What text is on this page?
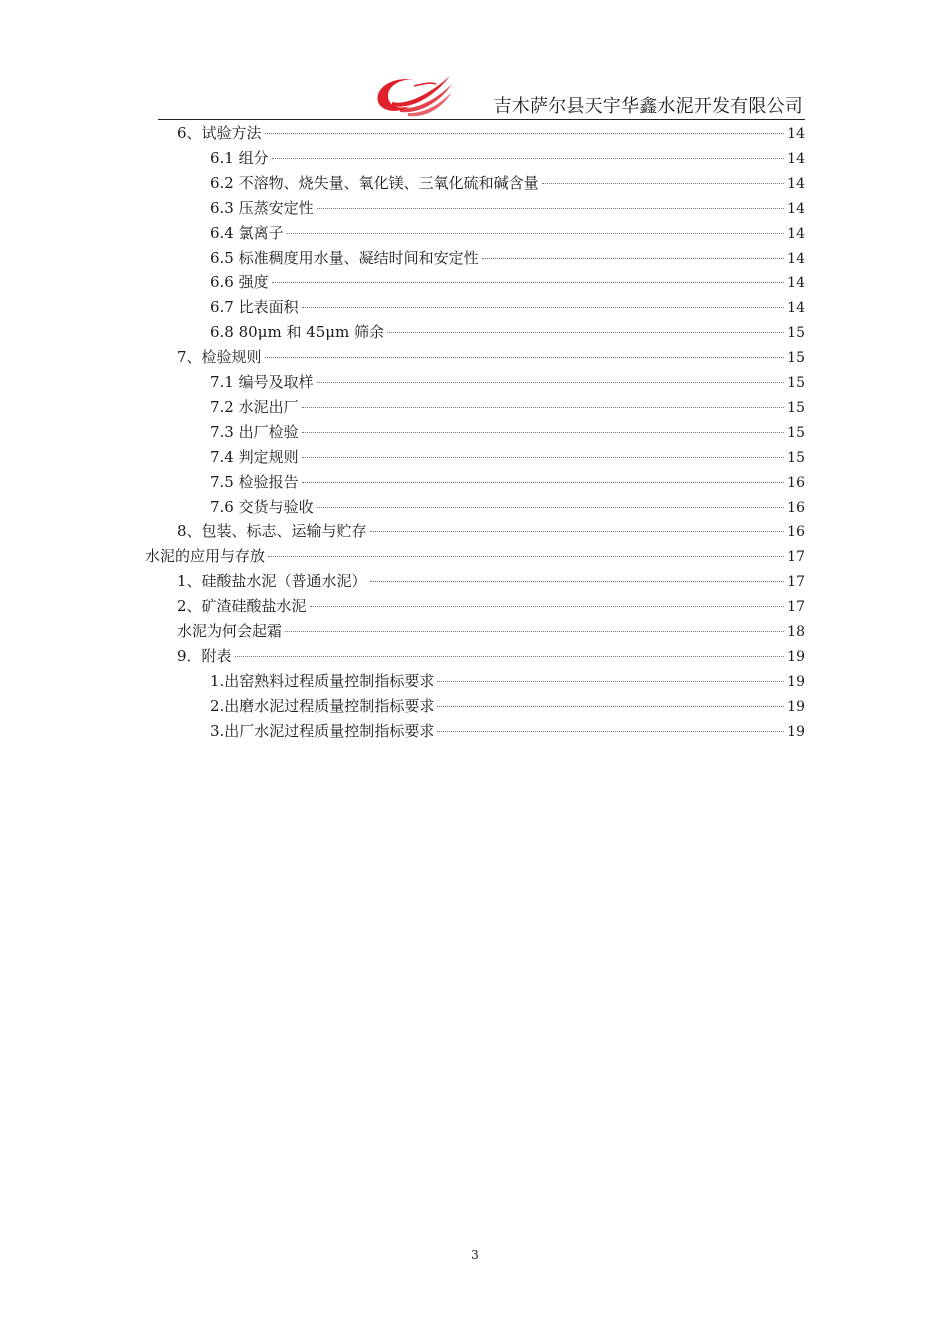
吉木萨尔县天宇华鑫水泥开发有限公司
6、试验方法	14
6.1 组分	14
6.2 不溶物、烧失量、氧化镁、三氧化硫和碱含量	14
6.3 压蒸安定性	14
6.4 氯离子	14
6.5 标准稠度用水量、凝结时间和安定性	14
6.6 强度	14
6.7 比表面积	14
6.8 80μm 和 45μm 筛余	15
7、检验规则	15
7.1 编号及取样	15
7.2 水泥出厂	15
7.3 出厂检验	15
7.4 判定规则	15
7.5 检验报告	16
7.6 交货与验收	16
8、包装、标志、运输与贮存	16
水泥的应用与存放	17
1、硅酸盐水泥（普通水泥）	17
2、矿渣硅酸盐水泥	17
水泥为何会起霜	18
9．附表	19
1.出窑熟料过程质量控制指标要求	19
2.出磨水泥过程质量控制指标要求	19
3.出厂水泥过程质量控制指标要求	19
3
